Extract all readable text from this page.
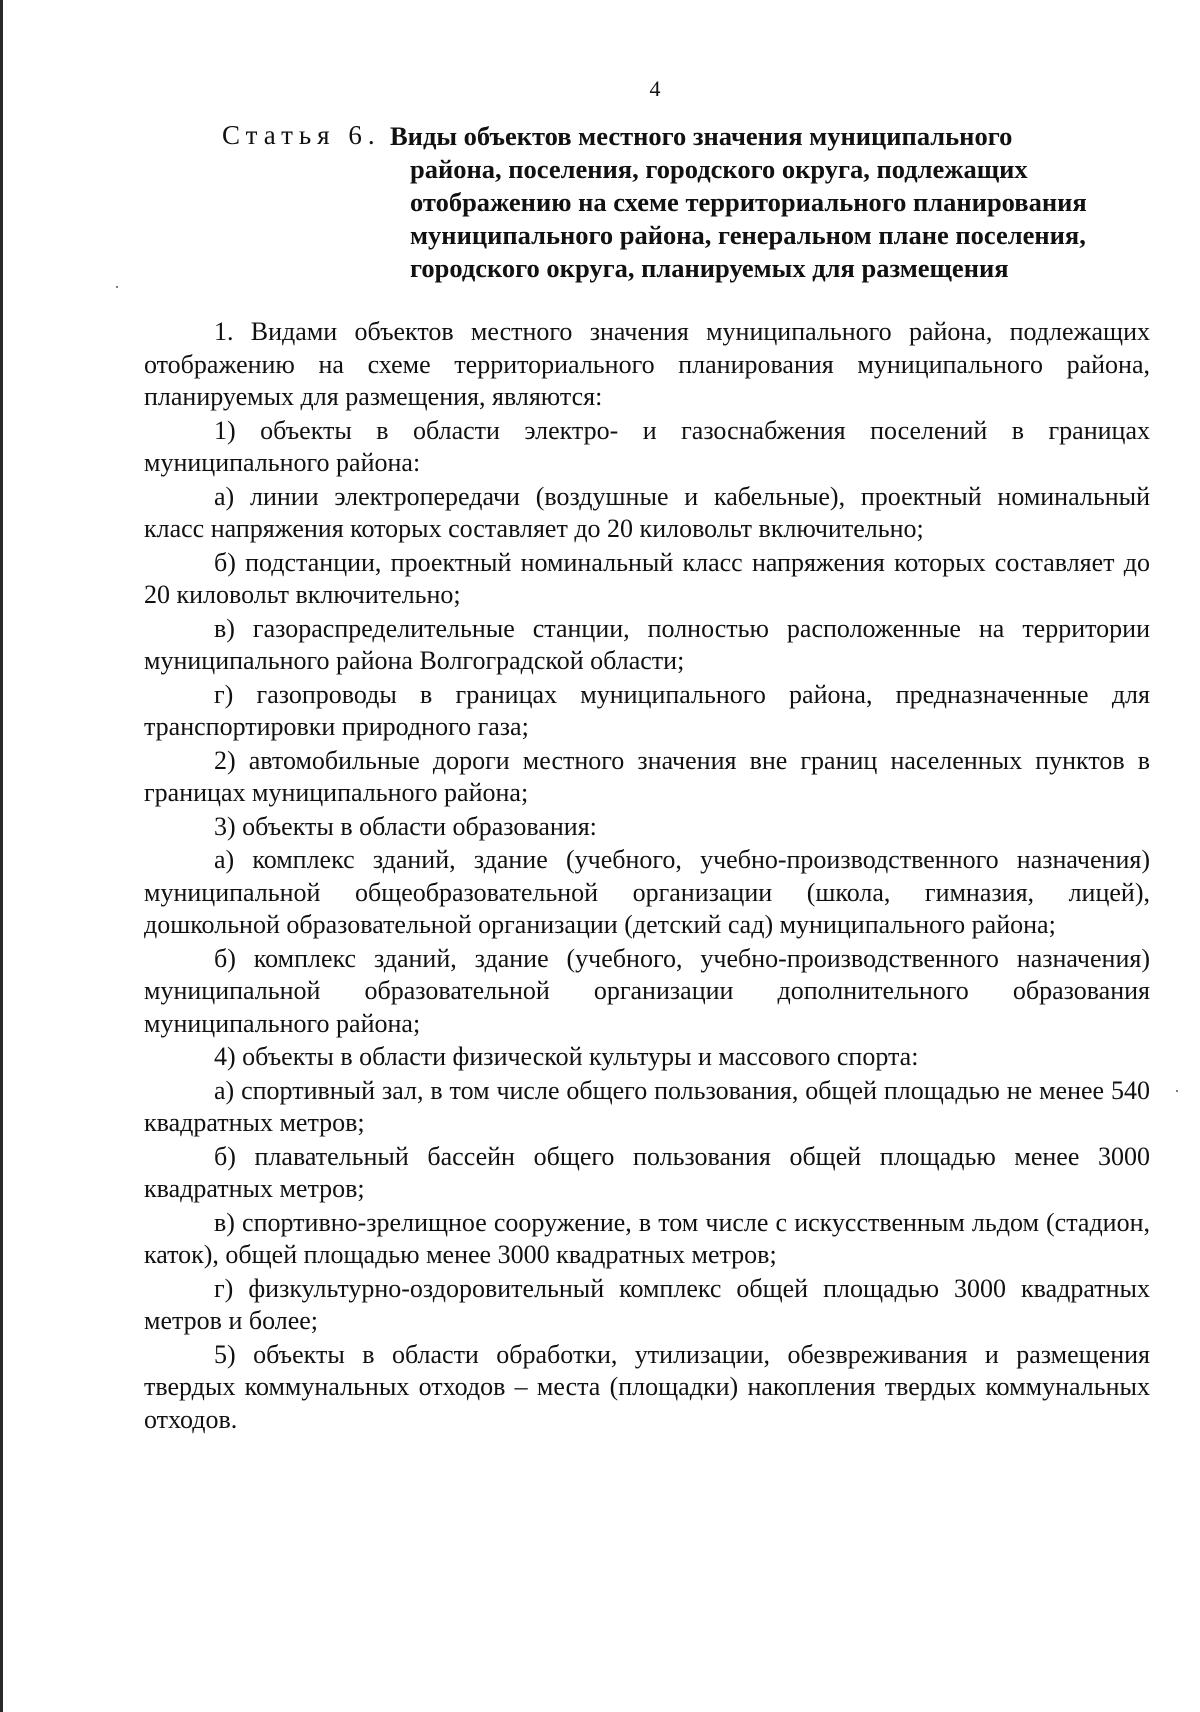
4
Статья 6. Виды объектов местного значения муниципального
района, поселения, городского округа, подлежащих
отображению на схеме территориального планирования
муниципального района, генеральном плане поселения,
городского округа, планируемых для размещения

1. Видами объектов местного значения муниципального района, подлежащих отображению на схеме территориального планирования муниципального района, планируемых для размещения, являются:

1) объекты в области электро- и газоснабжения поселений в границах муниципального района:

а) линии электропередачи (воздушные и кабельные), проектный номинальный класс напряжения которых составляет до 20 киловольт включительно;

б) подстанции, проектный номинальный класс напряжения которых составляет до 20 киловольт включительно;

в) газораспределительные станции, полностью расположенные на территории муниципального района Волгоградской области;

г) газопроводы в границах муниципального района, предназначенные для транспортировки природного газа;

2) автомобильные дороги местного значения вне границ населенных пунктов в границах муниципального района;

3) объекты в области образования:

а) комплекс зданий, здание (учебного, учебно-производственного назначения) муниципальной общеобразовательной организации (школа, гимназия, лицей), дошкольной образовательной организации (детский сад) муниципального района;

б) комплекс зданий, здание (учебного, учебно-производственного назначения) муниципальной образовательной организации дополнительного образования муниципального района;

4) объекты в области физической культуры и массового спорта:

а) спортивный зал, в том числе общего пользования, общей площадью не менее 540 квадратных метров;

б) плавательный бассейн общего пользования общей площадью менее 3000 квадратных метров;

в) спортивно-зрелищное сооружение, в том числе с искусственным льдом (стадион, каток), общей площадью менее 3000 квадратных метров;

г) физкультурно-оздоровительный комплекс общей площадью 3000 квадратных метров и более;

5) объекты в области обработки, утилизации, обезвреживания и размещения твердых коммунальных отходов – места (площадки) накопления твердых коммунальных отходов.
